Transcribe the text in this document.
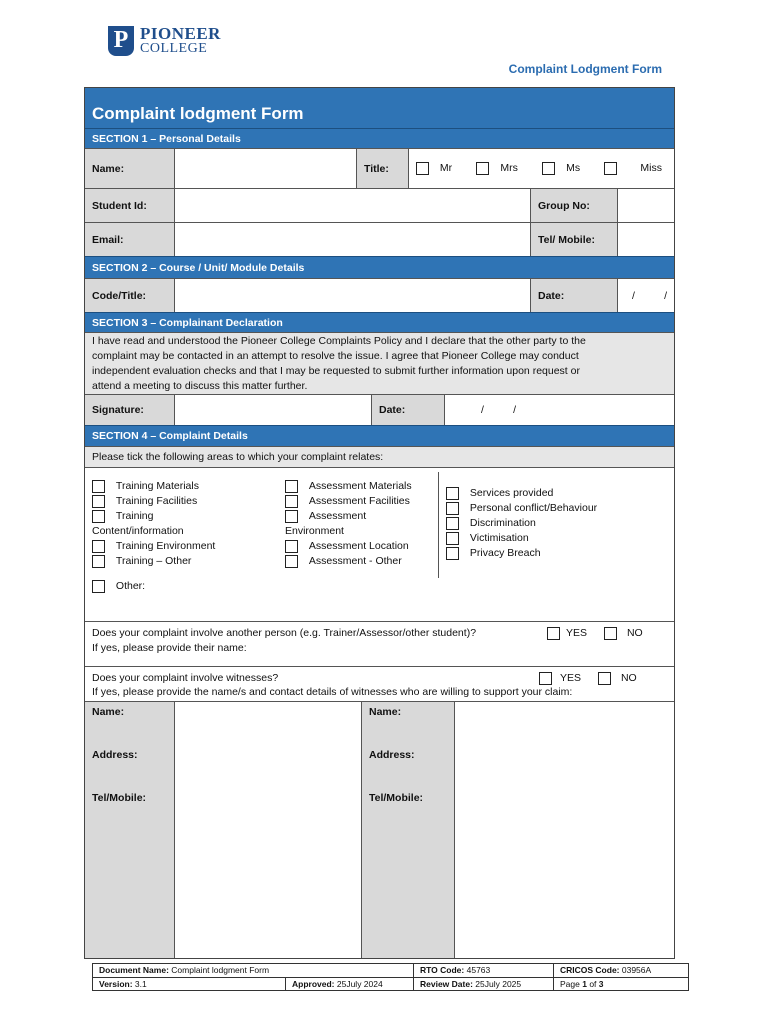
P PIONEER
COLLEGE
Complaint Lodgment Form
Complaint lodgment Form
SECTION 1 – Personal Details
Name:	Title:	Mr	Mrs	Ms	Miss
Student Id:	Group No:
Email:	Tel/ Mobile:
SECTION 2 – Course / Unit/ Module Details
Code/Title:	Date:	/          /
SECTION 3 – Complainant Declaration
I have read and understood the Pioneer College Complaints Policy and I declare that the other party to the
complaint may be contacted in an attempt to resolve the issue. I agree that Pioneer College may conduct
independent evaluation checks and that I may be requested to submit further information upon request or
attend a meeting to discuss this matter further.
Signature:	Date:	/          /
SECTION 4 – Complaint Details
Please tick the following areas to which your complaint relates:
Training Materials
Training Facilities
Training
Content/information
Training Environment
Training – Other
Assessment Materials
Assessment Facilities
Assessment
Environment
Assessment Location
Assessment - Other
Services provided
Personal conflict/Behaviour
Discrimination
Victimisation
Privacy Breach
Other:
Does your complaint involve another person (e.g. Trainer/Assessor/other student)?
If yes, please provide their name:
YES	NO
Does your complaint involve witnesses?
If yes, please provide the name/s and contact details of witnesses who are willing to support your claim:
YES	NO
Name:
Address:
Tel/Mobile:
Name:
Address:
Tel/Mobile:
Document Name: Complaint lodgment Form	RTO Code: 45763	CRICOS Code: 03956A
Version: 3.1	Approved: 25July 2024	Review Date: 25July 2025	Page 1 of 3
